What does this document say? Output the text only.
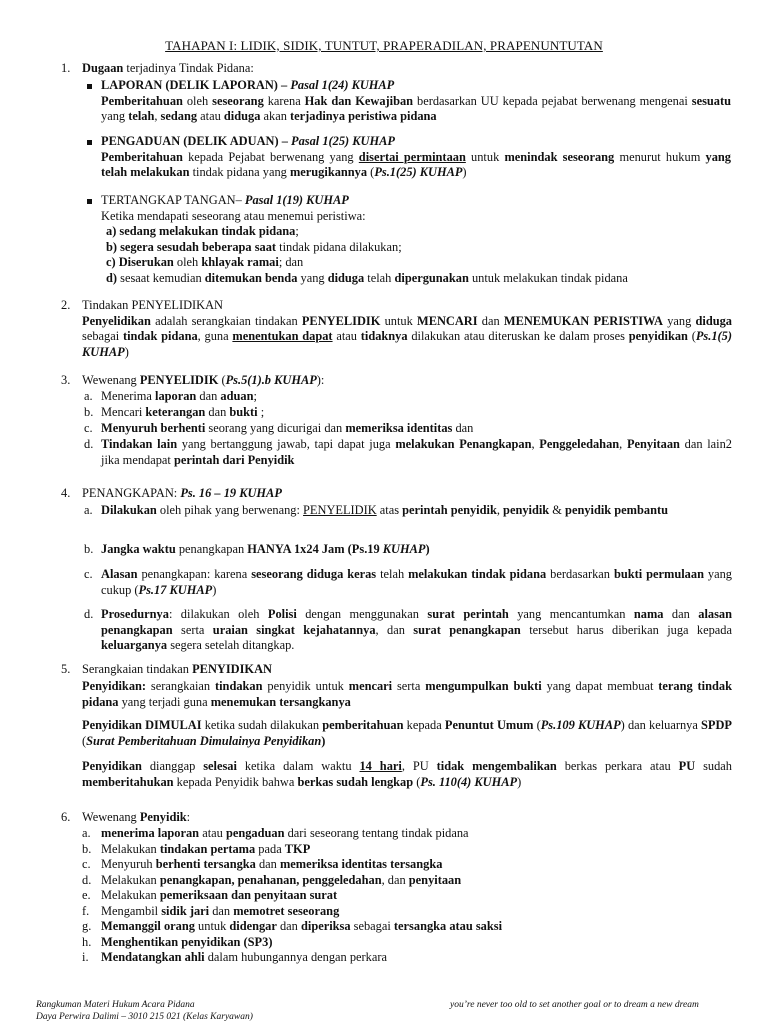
TAHAPAN I: LIDIK, SIDIK, TUNTUT, PRAPERADILAN, PRAPENUNTUTAN
1. Dugaan terjadinya Tindak Pidana:
LAPORAN (DELIK LAPORAN) – Pasal 1(24) KUHAP
Pemberitahuan oleh seseorang karena Hak dan Kewajiban berdasarkan UU kepada pejabat berwenang mengenai sesuatu yang telah, sedang atau diduga akan terjadinya peristiwa pidana
PENGADUAN (DELIK ADUAN) – Pasal 1(25) KUHAP
Pemberitahuan kepada Pejabat berwenang yang disertai permintaan untuk menindak seseorang menurut hukum yang telah melakukan tindak pidana yang merugikannya (Ps.1(25) KUHAP)
TERTANGKAP TANGAN– Pasal 1(19) KUHAP
Ketika mendapati seseorang atau menemui peristiwa:
a) sedang melakukan tindak pidana;
b) segera sesudah beberapa saat tindak pidana dilakukan;
c) Diserukan oleh khlayak ramai; dan
d) sesaat kemudian ditemukan benda yang diduga telah dipergunakan untuk melakukan tindak pidana
2. Tindakan PENYELIDIKAN
Penyelidikan adalah serangkaian tindakan PENYELIDIK untuk MENCARI dan MENEMUKAN PERISTIWA yang diduga sebagai tindak pidana, guna menentukan dapat atau tidaknya dilakukan atau diteruskan ke dalam proses penyidikan (Ps.1(5) KUHAP)
3. Wewenang PENYELIDIK (Ps.5(1).b KUHAP):
a. Menerima laporan dan aduan;
b. Mencari keterangan dan bukti ;
c. Menyuruh berhenti seorang yang dicurigai dan memeriksa identitas dan
d. Tindakan lain yang bertanggung jawab, tapi dapat juga melakukan Penangkapan, Penggeledahan, Penyitaan dan lain2 jika mendapat perintah dari Penyidik
4. PENANGKAPAN: Ps. 16 – 19 KUHAP
a. Dilakukan oleh pihak yang berwenang: PENYELIDIK atas perintah penyidik, penyidik & penyidik pembantu
b. Jangka waktu penangkapan HANYA 1x24 Jam (Ps.19 KUHAP)
c. Alasan penangkapan: karena seseorang diduga keras telah melakukan tindak pidana berdasarkan bukti permulaan yang cukup (Ps.17 KUHAP)
d. Prosedurnya: dilakukan oleh Polisi dengan menggunakan surat perintah yang mencantumkan nama dan alasan penangkapan serta uraian singkat kejahatannya, dan surat penangkapan tersebut harus diberikan juga kepada keluarganya segera setelah ditangkap.
5. Serangkaian tindakan PENYIDIKAN
Penyidikan: serangkaian tindakan penyidik untuk mencari serta mengumpulkan bukti yang dapat membuat terang tindak pidana yang terjadi guna menemukan tersangkanya
Penyidikan DIMULAI ketika sudah dilakukan pemberitahuan kepada Penuntut Umum (Ps.109 KUHAP) dan keluarnya SPDP (Surat Pemberitahuan Dimulainya Penyidikan)
Penyidikan dianggap selesai ketika dalam waktu 14 hari, PU tidak mengembalikan berkas perkara atau PU sudah memberitahukan kepada Penyidik bahwa berkas sudah lengkap (Ps. 110(4) KUHAP)
6. Wewenang Penyidik:
a. menerima laporan atau pengaduan dari seseorang tentang tindak pidana
b. Melakukan tindakan pertama pada TKP
c. Menyuruh berhenti tersangka dan memeriksa identitas tersangka
d. Melakukan penangkapan, penahanan, penggeledahan, dan penyitaan
e. Melakukan pemeriksaan dan penyitaan surat
f. Mengambil sidik jari dan memotret seseorang
g. Memanggil orang untuk didengar dan diperiksa sebagai tersangka atau saksi
h. Menghentikan penyidikan (SP3)
i. Mendatangkan ahli dalam hubungannya dengan perkara
Rangkuman Materi Hukum Acara Pidana
Daya Perwira Dalimi – 3010 215 021 (Kelas Karyawan)
you’re never too old to set another goal or to dream a new dream
